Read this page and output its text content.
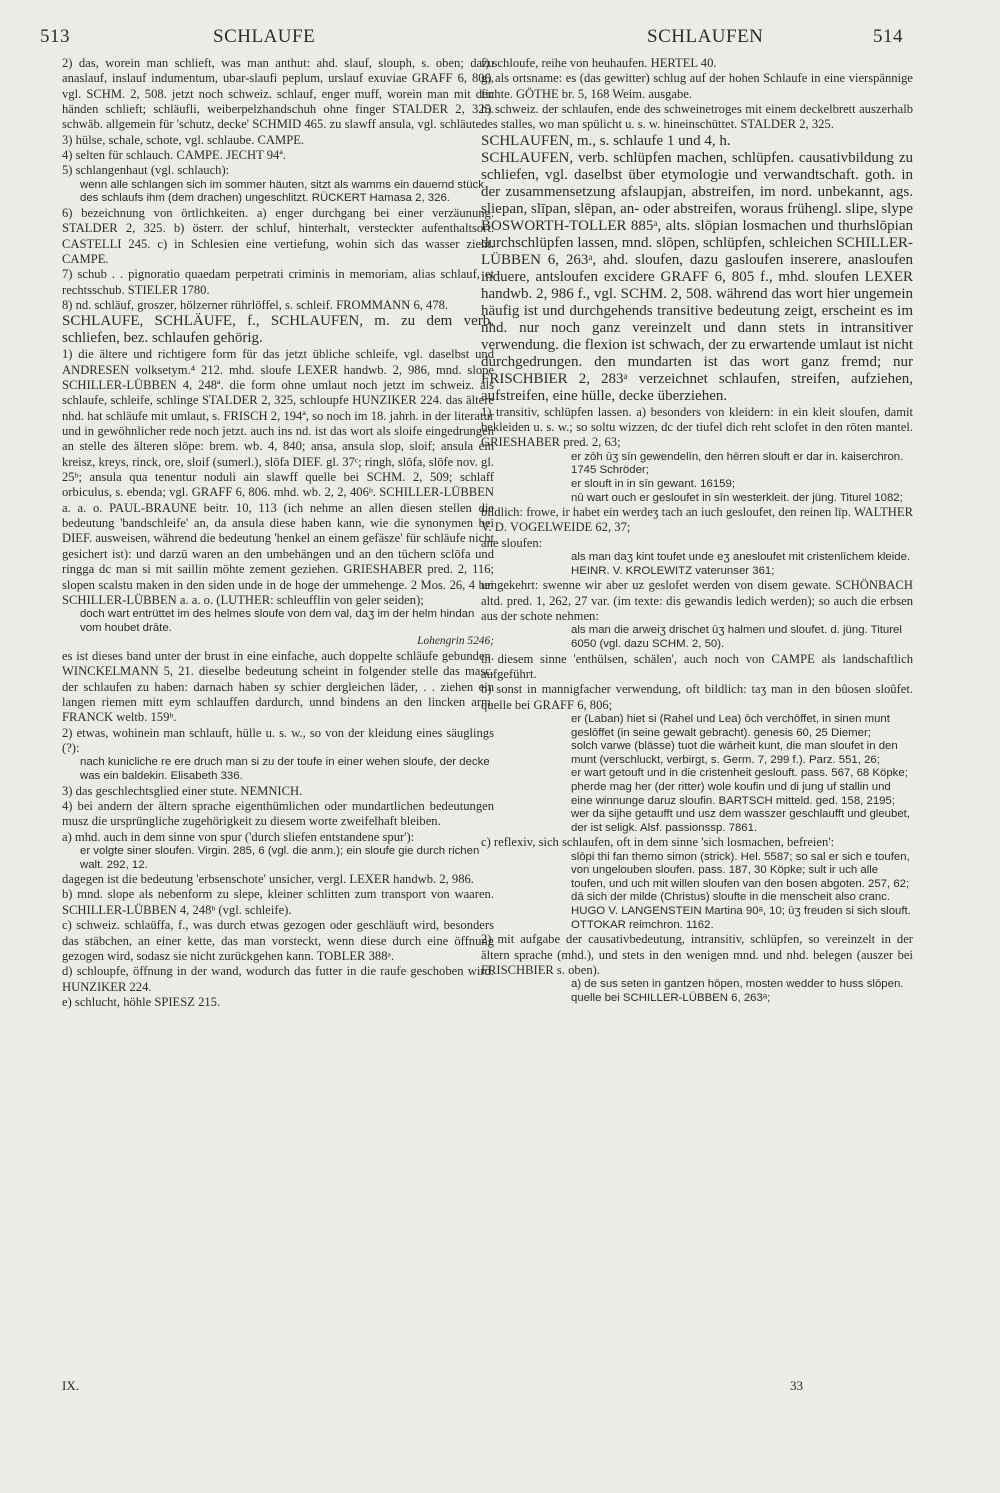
513	SCHLAUFE	SCHLAUFEN	514

2) das, worein man schlieft, was man anthut: ahd. slauf, slouph, s. oben; dazu anaslauf, inslauf indumentum, ubar-slaufi peplum, urslauf exuviae GRAFF 6, 806, vgl. SCHM. 2, 508. jetzt noch schweiz. schlauf, enger muff, worein man mit den händen schlieft; schläufli, weiberpelzhandschuh ohne finger STALDER 2, 325. schwäb. allgemein für 'schutz, decke' SCHMID 465. zu slawff ansula, vgl. schläute.

3) hülse, schale, schote, vgl. schlaube. CAMPE.

4) selten für schlauch. CAMPE. JECHT 94ª.

5) schlangenhaut (vgl. schlauch):

wenn alle schlangen sich im sommer häuten, sitzt als wamms ein dauernd stück des schlaufs ihm (dem drachen) ungeschlitzt. RÜCKERT Hamasa 2, 326.

6) bezeichnung von örtlichkeiten. a) enger durchgang bei einer verzäunung. STALDER 2, 325. b) österr. der schluf, hinterhalt, versteckter aufenthaltsort. CASTELLI 245. c) in Schlesien eine vertiefung, wohin sich das wasser zieht. CAMPE.

7) schub . . pignoratio quaedam perpetrati criminis in memoriam, alias schlauf, et rechtsschub. STIELER 1780.

8) nd. schläuf, groszer, hölzerner rührlöffel, s. schleif. FROMMANN 6, 478.

SCHLAUFE, SCHLÄUFE, f., SCHLAUFEN, m. zu dem verb. schliefen, bez. schlaufen gehörig.

1) die ältere und richtigere form für das jetzt übliche schleife, vgl. daselbst und ANDRESEN volksetym.⁴ 212. mhd. sloufe LEXER handwb. 2, 986, mnd. slope SCHILLER-LÜBBEN 4, 248ª. die form ohne umlaut noch jetzt im schweiz. als schlaufe, schleife, schlinge STALDER 2, 325, schloupfe HUNZIKER 224. das ältere nhd. hat schläufe mit umlaut, s. FRISCH 2, 194ª, so noch im 18. jahrh. in der literatur und in gewöhnlicher rede noch jetzt. auch ins nd. ist das wort als sloife eingedrungen an stelle des älteren slöpe: brem. wb. 4, 840; ansa, ansula slop, sloif; ansula ein kreisz, kreys, rinck, ore, sloif (sumerl.), slōfa DIEF. gl. 37ᶜ; ringh, slōfa, slōfe nov. gl. 25ᵇ; ansula qua tenentur noduli ain slawff quelle bei SCHM. 2, 509; schlaff orbiculus, s. ebenda; vgl. GRAFF 6, 806. mhd. wb. 2, 2, 406ᵇ. SCHILLER-LÜBBEN a. a. o. PAUL-BRAUNE beitr. 10, 113 (ich nehme an allen diesen stellen die bedeutung 'bandschleife' an, da ansula diese haben kann, wie die synonymen bei DIEF. ausweisen, während die bedeutung 'henkel an einem gefäsze' für schläufe nicht gesichert ist): und darzū waren an den umbehängen und an den tüchern sclōfa und ringga dc man si mit saillin möhte zement geziehen. GRIESHABER pred. 2, 116; slopen scalstu maken in den siden unde in de hoge der ummehenge. 2 Mos. 26, 4 bei SCHILLER-LÜBBEN a. a. o. (LUTHER: schleufflin von geler seiden);

doch wart entrüttet im des helmes sloufe von dem val, daʒ im der helm hindan vom houbet drāte.

Lohengrin 5246;

es ist dieses band unter der brust in eine einfache, auch doppelte schläufe gebunden. WINCKELMANN 5, 21. dieselbe bedeutung scheint in folgender stelle das masc. der schlaufen zu haben: darnach haben sy schier dergleichen läder, . . ziehen ein langen riemen mitt eym schlauffen dardurch, unnd bindens an den lincken arm. FRANCK weltb. 159ᵇ.

2) etwas, wohinein man schlauft, hülle u. s. w., so von der kleidung eines säuglings (?):

nach kunicliche re ere druch man si zu der toufe in einer wehen sloufe, der decke was ein baldekin. Elisabeth 336.

3) das geschlechtsglied einer stute. NEMNICH.

4) bei andern der ältern sprache eigenthümlichen oder mundartlichen bedeutungen musz die ursprüngliche zugehörigkeit zu diesem worte zweifelhaft bleiben.

a) mhd. auch in dem sinne von spur ('durch sliefen entstandene spur'):

er volgte siner sloufen. Virgin. 285, 6 (vgl. die anm.); ein sloufe gie durch richen walt. 292, 12.

dagegen ist die bedeutung 'erbsenschote' unsicher, vergl. LEXER handwb. 2, 986.

b) mnd. slope als nebenform zu slepe, kleiner schlitten zum transport von waaren. SCHILLER-LÜBBEN 4, 248ᵇ (vgl. schleife).

c) schweiz. schlaüffa, f., was durch etwas gezogen oder geschläuft wird, besonders das stäbchen, an einer kette, das man vorsteckt, wenn diese durch eine öffnung gezogen wird, sodasz sie nicht zurückgehen kann. TOBLER 388ᵃ.

d) schloupfe, öffnung in der wand, wodurch das futter in die raufe geschoben wird. HUNZIKER 224.

e) schlucht, höhle SPIESZ 215.

f) schloufe, reihe von heuhaufen. HERTEL 40.

g) als ortsname: es (das gewitter) schlug auf der hohen Schlaufe in eine vierspännige fichte. GÖTHE br. 5, 168 Weim. ausgabe.

h) schweiz. der schlaufen, ende des schweinetroges mit einem deckelbrett auszerhalb des stalles, wo man spülicht u. s. w. hineinschüttet. STALDER 2, 325.

SCHLAUFEN, m., s. schlaufe 1 und 4, h.

SCHLAUFEN, verb. schlüpfen machen, schlüpfen. causativbildung zu schliefen, vgl. daselbst über etymologie und verwandtschaft. goth. in der zusammensetzung afslaupjan, abstreifen, im nord. unbekannt, ags. sliepan, slīpan, slēpan, an- oder abstreifen, woraus frühengl. slipe, slype BOSWORTH-TOLLER 885ᵃ, alts. slōpian losmachen und thurhslōpian durchschlüpfen lassen, mnd. slōpen, schlüpfen, schleichen SCHILLER-LÜBBEN 6, 263ᵃ, ahd. sloufen, dazu gasloufen inserere, anasloufen induere, antsloufen excidere GRAFF 6, 805 f., mhd. sloufen LEXER handwb. 2, 986 f., vgl. SCHM. 2, 508. während das wort hier ungemein häufig ist und durchgehends transitive bedeutung zeigt, erscheint es im nhd. nur noch ganz vereinzelt und dann stets in intransitiver verwendung. die flexion ist schwach, der zu erwartende umlaut ist nicht durchgedrungen. den mundarten ist das wort ganz fremd; nur FRISCHBIER 2, 283ᵃ verzeichnet schlaufen, streifen, aufziehen, aufstreifen, eine hülle, decke überziehen.

1) transitiv, schlüpfen lassen. a) besonders von kleidern: in ein kleit sloufen, damit bekleiden u. s. w.; so soltu wizzen, dc der tiufel dich reht sclofet in den rōten mantel. GRIESHABER pred. 2, 63;

er zōh ūʒ sīn gewendelīn, den hērren slouft er dar in. kaiserchron. 1745 Schröder;

er slouft in in sīn gewant. 16159;

nū wart ouch er gesloufet in sīn westerkleit. der jüng. Titurel 1082;

bildlich: frowe, ir habet ein werdeʒ tach an iuch gesloufet, den reinen līp. WALTHER V. D. VOGELWEIDE 62, 37;

ane sloufen:

als man daʒ kint toufet unde eʒ anesloufet mit cristenlīchem kleide. HEINR. V. KROLEWITZ vaterunser 361;

umgekehrt: swenne wir aber uz geslofet werden von disem gewate. SCHÖNBACH altd. pred. 1, 262, 27 var. (im texte: dis gewandis ledich werden); so auch die erbsen aus der schote nehmen:

als man die arweiʒ drischet ūʒ halmen und sloufet. d. jüng. Titurel 6050 (vgl. dazu SCHM. 2, 50).

in diesem sinne 'enthülsen, schälen', auch noch von CAMPE als landschaftlich aufgeführt.

b) sonst in mannigfacher verwendung, oft bildlich: taʒ man in den bûosen sloûfet. quelle bei GRAFF 6, 806;

er (Laban) hiet si (Rahel und Lea) ōch verchōffet, in sinen munt geslōffet (in seine gewalt gebracht). genesis 60, 25 Diemer;

solch varwe (blässe) tuot die wārheit kunt, die man sloufet in den munt (verschluckt, verbirgt, s. Germ. 7, 299 f.). Parz. 551, 26;

er wart getouft und in die cristenheit geslouft. pass. 567, 68 Köpke;

pherde mag her (der ritter) wole koufin und di jung uf stallin und eine winnunge daruz sloufin. BARTSCH mitteld. ged. 158, 2195;

wer da sijhe getaufft und usz dem wasszer geschlaufft und gleubet, der ist seligk. Alsf. passionssp. 7861.

c) reflexiv, sich schlaufen, oft in dem sinne 'sich losmachen, befreien':

slōpi thi fan themo simon (strick). Hel. 5587; so sal er sich e toufen, von ungelouben sloufen. pass. 187, 30 Köpke; sult ir uch alle toufen, und uch mit willen sloufen van den bosen abgoten. 257, 62; dā sich der milde (Christus) sloufte in die menscheit also cranc. HUGO V. LANGENSTEIN Martina 90ᵃ, 10; ūʒ freuden si sich slouft. OTTOKAR reimchron. 1162.

2) mit aufgabe der causativbedeutung, intransitiv, schlüpfen, so vereinzelt in der ältern sprache (mhd.), und stets in den wenigen mnd. und nhd. belegen (auszer bei FRISCHBIER s. oben).

a) de sus seten in gantzen hōpen, mosten wedder to huss slōpen. quelle bei SCHILLER-LÜBBEN 6, 263ᵃ;

IX.	33
